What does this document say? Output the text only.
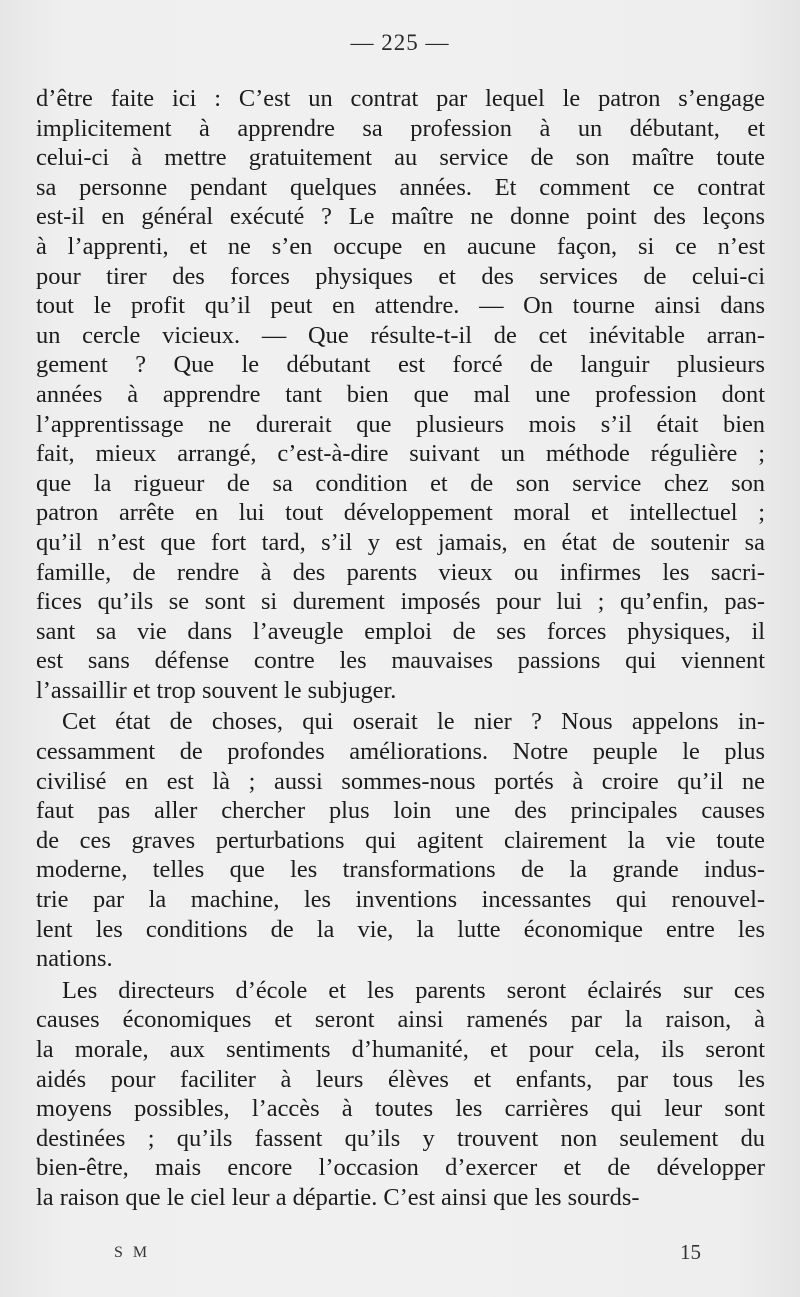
— 225 —
d’être faite ici : C’est un contrat par lequel le patron s’engage
implicitement à apprendre sa profession à un débutant, et
celui-ci à mettre gratuitement au service de son maître toute
sa personne pendant quelques années. Et comment ce contrat
est-il en général exécuté ? Le maître ne donne point des leçons
à l’apprenti, et ne s’en occupe en aucune façon, si ce n’est
pour tirer des forces physiques et des services de celui-ci
tout le profit qu’il peut en attendre. — On tourne ainsi dans
un cercle vicieux. — Que résulte-t-il de cet inévitable arran-
gement ? Que le débutant est forcé de languir plusieurs
années à apprendre tant bien que mal une profession dont
l’apprentissage ne durerait que plusieurs mois s’il était bien
fait, mieux arrangé, c’est-à-dire suivant un méthode régulière ;
que la rigueur de sa condition et de son service chez son
patron arrête en lui tout développement moral et intellectuel ;
qu’il n’est que fort tard, s’il y est jamais, en état de soutenir sa
famille, de rendre à des parents vieux ou infirmes les sacri-
fices qu’ils se sont si durement imposés pour lui ; qu’enfin, pas-
sant sa vie dans l’aveugle emploi de ses forces physiques, il
est sans défense contre les mauvaises passions qui viennent
l’assaillir et trop souvent le subjuger.
Cet état de choses, qui oserait le nier ? Nous appelons in-
cessamment de profondes améliorations. Notre peuple le plus
civilisé en est là ; aussi sommes-nous portés à croire qu’il ne
faut pas aller chercher plus loin une des principales causes
de ces graves perturbations qui agitent clairement la vie toute
moderne, telles que les transformations de la grande indus-
trie par la machine, les inventions incessantes qui renouvel-
lent les conditions de la vie, la lutte économique entre les
nations.
Les directeurs d’école et les parents seront éclairés sur ces
causes économiques et seront ainsi ramenés par la raison, à
la morale, aux sentiments d’humanité, et pour cela, ils seront
aidés pour faciliter à leurs élèves et enfants, par tous les
moyens possibles, l’accès à toutes les carrières qui leur sont
destinées ; qu’ils fassent qu’ils y trouvent non seulement du
bien-être, mais encore l’occasion d’exercer et de développer
la raison que le ciel leur a départie. C’est ainsi que les sourds-
S M	15
